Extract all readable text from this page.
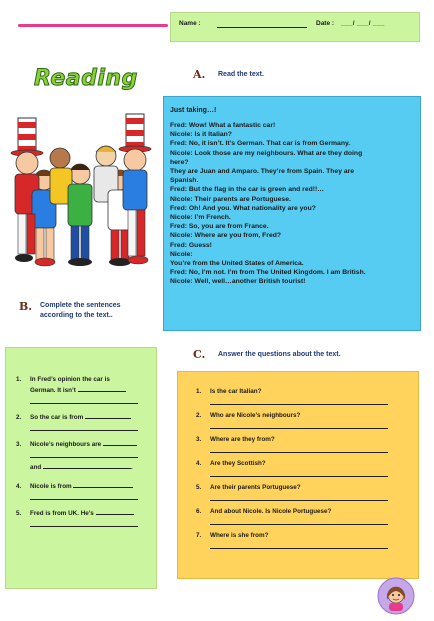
Name :	Date : ___/ ___/ ___
Reading	A. Read the text.
B. Complete the sentences
according to the text..
Just taking…!
Fred: Wow! What a fantastic car!
Nicole: Is it Italian?
Fred: No, it isn’t. It’s German. That car is from Germany.
Nicole: Look those are my neighbours. What are they doing
here?
They are Juan and Amparo. They’re from Spain. They are
Spanish.
Fred: But the flag in the car is green and red!!…
Nicole: Their parents are Portuguese.
Fred: Oh! And you. What nationality are you?
Nicole: I’m French.
Fred: So, you are from France.
Nicole: Where are you from, Fred?
Fred: Guess!
Nicole:
You’re from the United States of America.
Fred: No, I’m not. I’m from The United Kingdom. I am British.
Nicole: Well, well…another British tourist!
C. Answer the questions about the text.
1.	In Fred’s opinion the car is
German. It isn’t
2.	So the car is from
3.	Nicole’s neighbours are
and	.
4.	Nicole is from
5.	Fred is from UK. He’s
1.	Is the car Italian?
2.	Who are Nicole’s neighbours?
3.	Where are they from?
4.	Are they Scottish?
5.	Are their parents Portuguese?
6.	And about Nicole. Is Nicole Portuguese?
7.	Where is she from?
